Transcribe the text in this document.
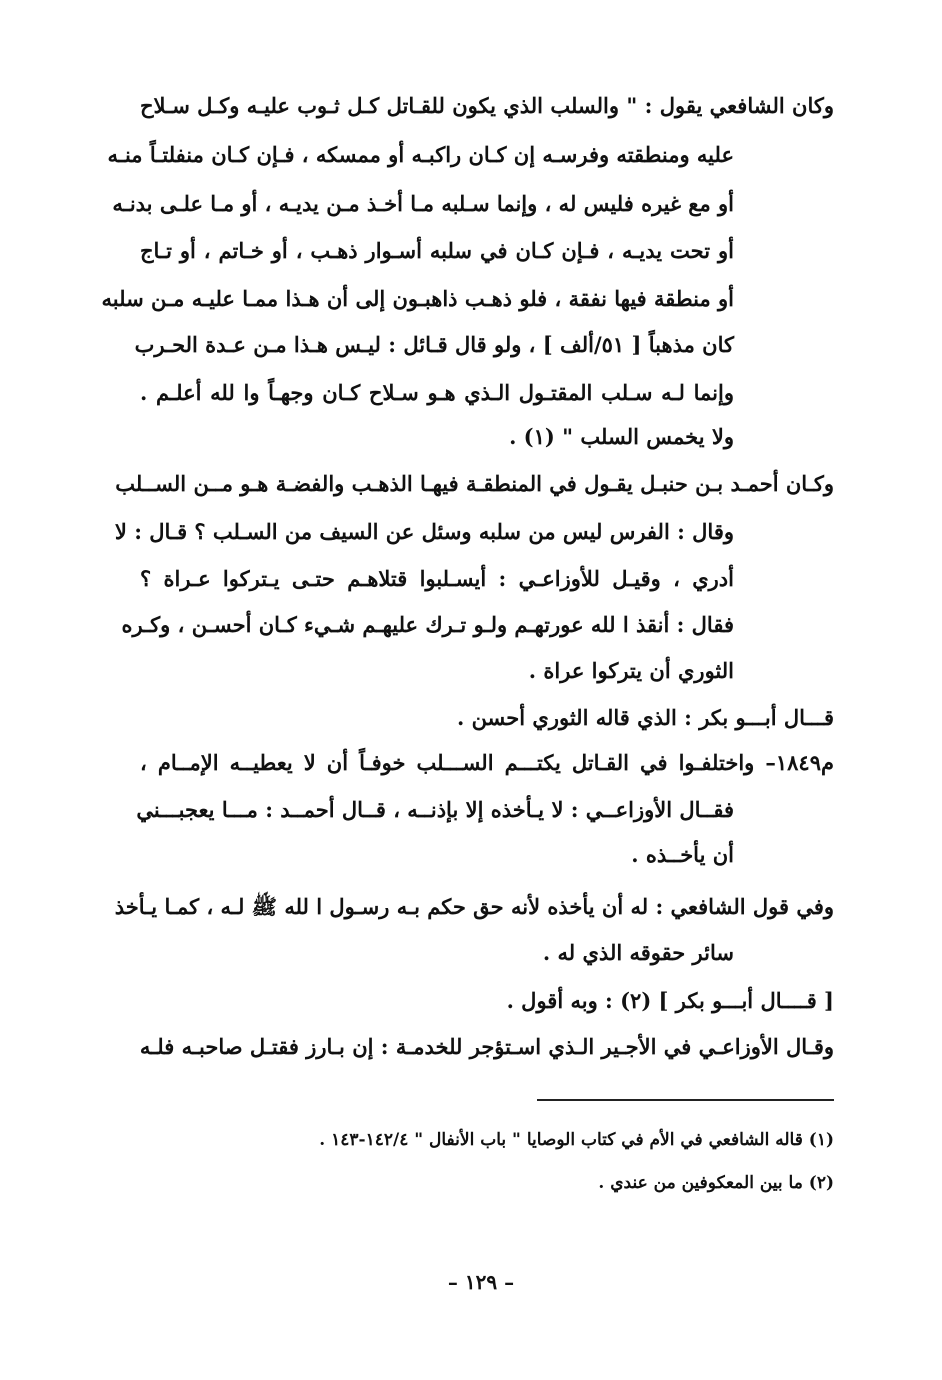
وكان الشافعي يقول : " والسلب الذي يكون للقـاتل كـل ثـوب عليـه وكـل سـلاح
عليه ومنطقته وفرسـه إن كـان راكبـه أو ممسكه ، فـإن كـان منفلتـاً منـه
أو مع غيره فليس له ، وإنما سـلبه مـا أخـذ مـن يديـه ، أو مـا علـى بدنـه
أو تحت يديـه ، فـإن كـان في سلبه أسـوار ذهـب ، أو خـاتم ، أو تـاج
أو منطقة فيها نفقة ، فلو ذهـب ذاهبـون إلى أن هـذا ممـا عليـه مـن سلبه
كان مذهباً [ ٥١/ألف ] ، ولو قال قـائل : ليـس هـذا مـن عـدة الحـرب
وإنما لـه سـلب المقتـول الـذي هـو سـلاح كـان وجهـاً وا لله أعلـم .
ولا يخمس السلب " (١) .
وكـان أحمـد بـن حنبـل يقـول في المنطقـة فيهـا الذهـب والفضـة هـو مــن الســلب
وقال : الفرس ليس من سلبه وسئل عن السيف من السـلب ؟ قـال : لا
أدري ، وقيـل للأوزاعـي : أيسـلبوا قتلاهـم حتـى يـتركوا عـراة ؟
فقال : أنقذ ا لله عورتهـم ولـو تـرك عليهـم شـيء كـان أحسـن ، وكـره
الثوري أن يتركوا عراة .
قـــال أبـــو بكر : الذي قاله الثوري أحسن .
م١٨٤٩– واختلفـوا في القـاتل يكتـــم الســـلب خوفـاً أن لا يعطيــه الإمــام ،
فقــال الأوزاعــي : لا يـأخذه إلا بإذنــه ، قــال أحمــد : مـــا يعجبـــني
أن يأخــذه .
وفي قول الشافعي : له أن يأخذه لأنه حق حكم بـه رسـول ا لله ﷺ لـه ، كمـا يـأخذ
سائر حقوقه الذي له .
[ قــــال أبـــو بكر ] (٢) : وبه أقول .
وقـال الأوزاعـي في الأجـير الـذي اسـتؤجر للخدمـة : إن بـارز فقتـل صاحبـه فلـه
(١) قاله الشافعي في الأم في كتاب الوصايا " باب الأنفال " ١٤٢/٤-١٤٣ .
(٢) ما بين المعكوفين من عندي .
– ١٢٩ –
